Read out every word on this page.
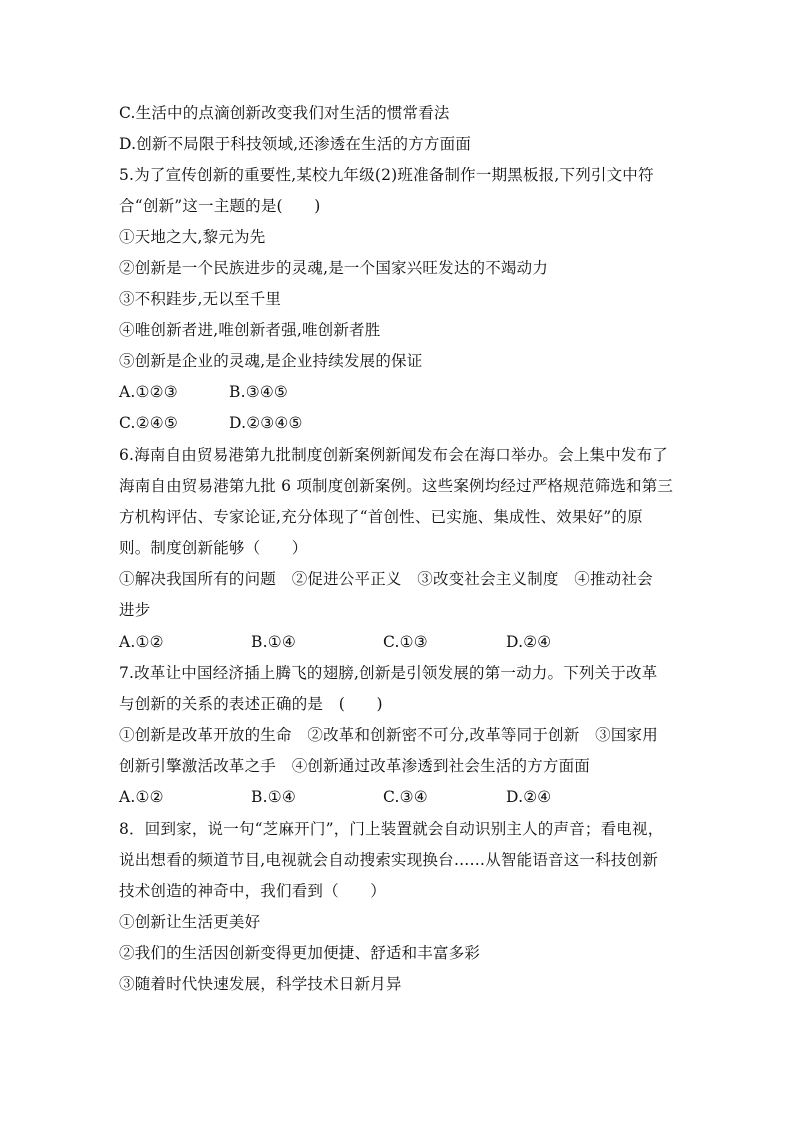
C.生活中的点滴创新改变我们对生活的惯常看法
D.创新不局限于科技领域,还渗透在生活的方方面面
5.为了宣传创新的重要性,某校九年级(2)班准备制作一期黑板报,下列引文中符
合“创新”这一主题的是(　　)
①天地之大,黎元为先
②创新是一个民族进步的灵魂,是一个国家兴旺发达的不竭动力
③不积跬步,无以至千里
④唯创新者进,唯创新者强,唯创新者胜
⑤创新是企业的灵魂,是企业持续发展的保证
A.①②③	B.③④⑤
C.②④⑤	D.②③④⑤
6.海南自由贸易港第九批制度创新案例新闻发布会在海口举办。会上集中发布了
海南自由贸易港第九批 6 项制度创新案例。这些案例均经过严格规范筛选和第三
方机构评估、专家论证,充分体现了“首创性、已实施、集成性、效果好”的原
则。制度创新能够（　　）
①解决我国所有的问题　②促进公平正义　③改变社会主义制度　④推动社会
进步
A.①②	B.①④	C.①③	D.②④
7.改革让中国经济插上腾飞的翅膀,创新是引领发展的第一动力。下列关于改革
与创新的关系的表述正确的是　(　　)
①创新是改革开放的生命　②改革和创新密不可分,改革等同于创新　③国家用
创新引擎激活改革之手　④创新通过改革渗透到社会生活的方方面面
A.①②	B.①④	C.③④	D.②④
8．回到家，说一句“芝麻开门”，门上装置就会自动识别主人的声音；看电视，
说出想看的频道节目,电视就会自动搜索实现换台……从智能语音这一科技创新
技术创造的神奇中，我们看到（　　）
①创新让生活更美好
②我们的生活因创新变得更加便捷、舒适和丰富多彩
③随着时代快速发展，科学技术日新月异
